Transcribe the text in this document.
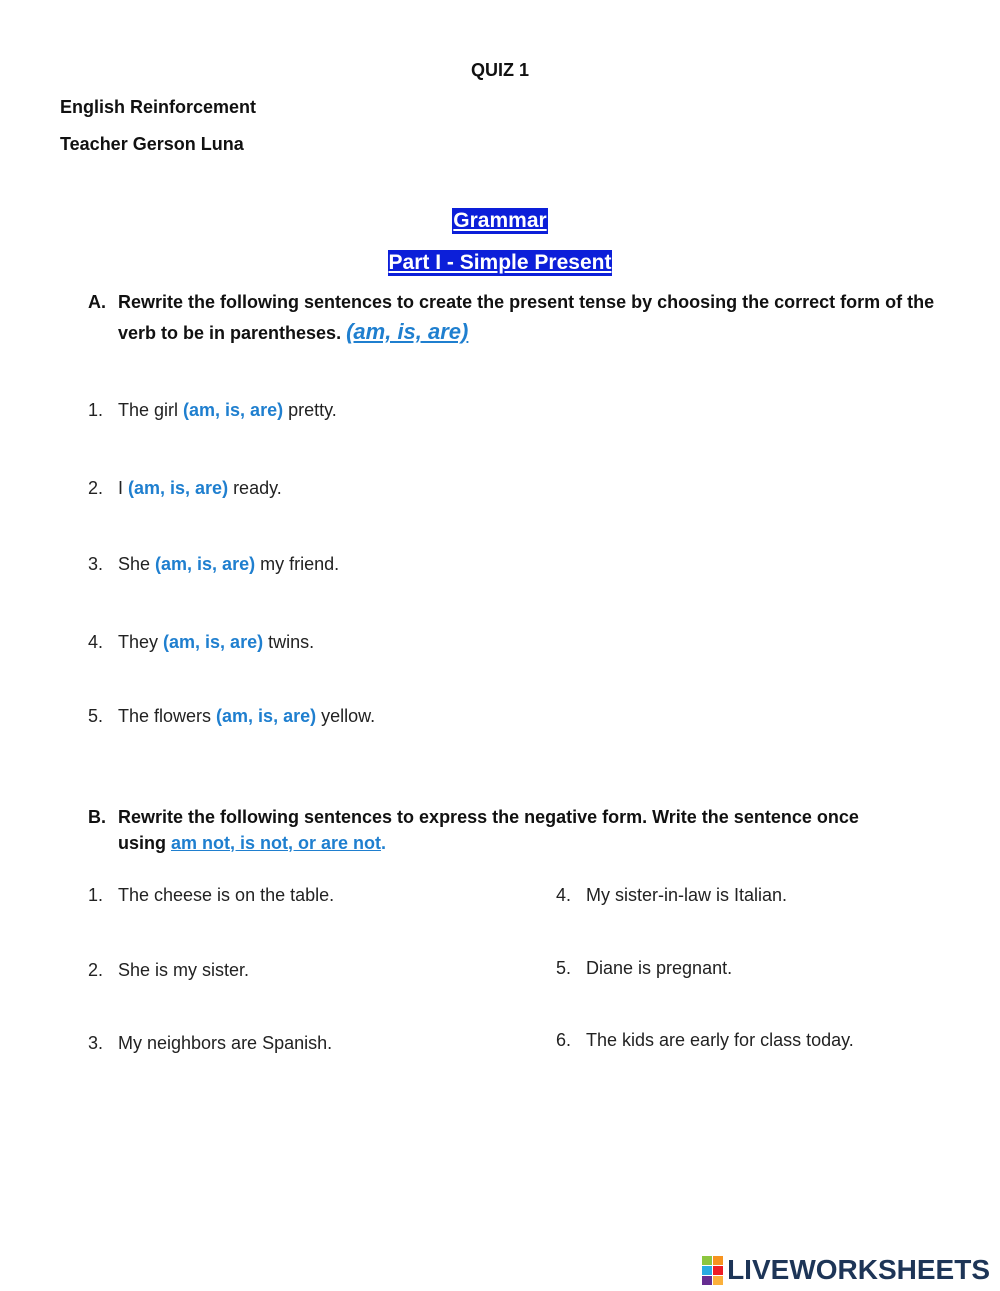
QUIZ 1
English Reinforcement
Teacher Gerson Luna
Grammar
Part I - Simple Present
A. Rewrite the following sentences to create the present tense by choosing the correct form of the verb to be in parentheses. (am, is, are)
1. The girl (am, is, are) pretty.
2. I (am, is, are) ready.
3. She (am, is, are) my friend.
4. They (am, is, are) twins.
5. The flowers (am, is, are) yellow.
B. Rewrite the following sentences to express the negative form. Write the sentence once
using am not, is not, or are not.
1. The cheese is on the table.
2. She is my sister.
3. My neighbors are Spanish.
4. My sister-in-law is Italian.
5. Diane is pregnant.
6. The kids are early for class today.
LIVEWORKSHEETS
